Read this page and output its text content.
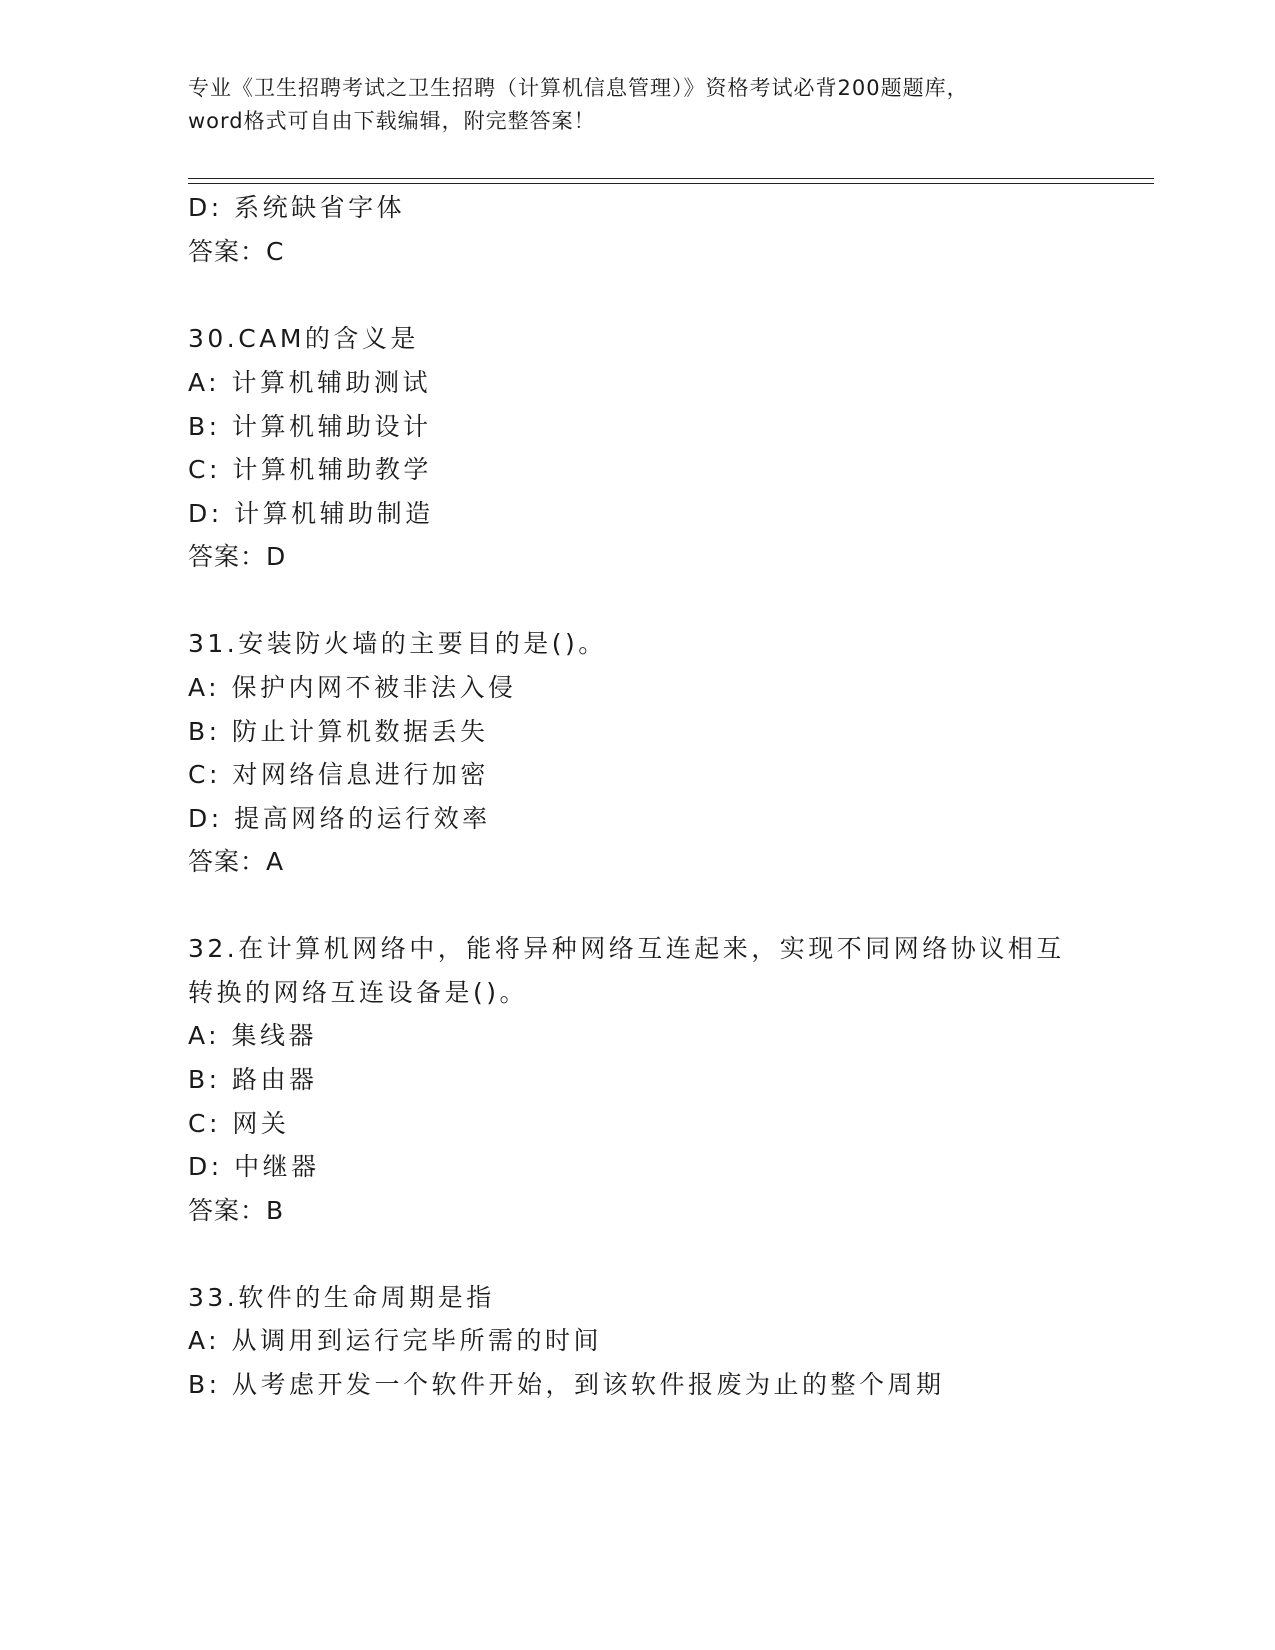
专业《卫生招聘考试之卫生招聘（计算机信息管理）》资格考试必背200题题库，
word格式可自由下载编辑，附完整答案！
D: 系统缺省字体
答案：C
30.CAM的含义是
A: 计算机辅助测试
B: 计算机辅助设计
C: 计算机辅助教学
D: 计算机辅助制造
答案：D
31.安装防火墙的主要目的是()。
A: 保护内网不被非法入侵
B: 防止计算机数据丢失
C: 对网络信息进行加密
D: 提高网络的运行效率
答案：A
32.在计算机网络中，能将异种网络互连起来，实现不同网络协议相互
转换的网络互连设备是()。
A: 集线器
B: 路由器
C: 网关
D: 中继器
答案：B
33.软件的生命周期是指
A: 从调用到运行完毕所需的时间
B: 从考虑开发一个软件开始，到该软件报废为止的整个周期
